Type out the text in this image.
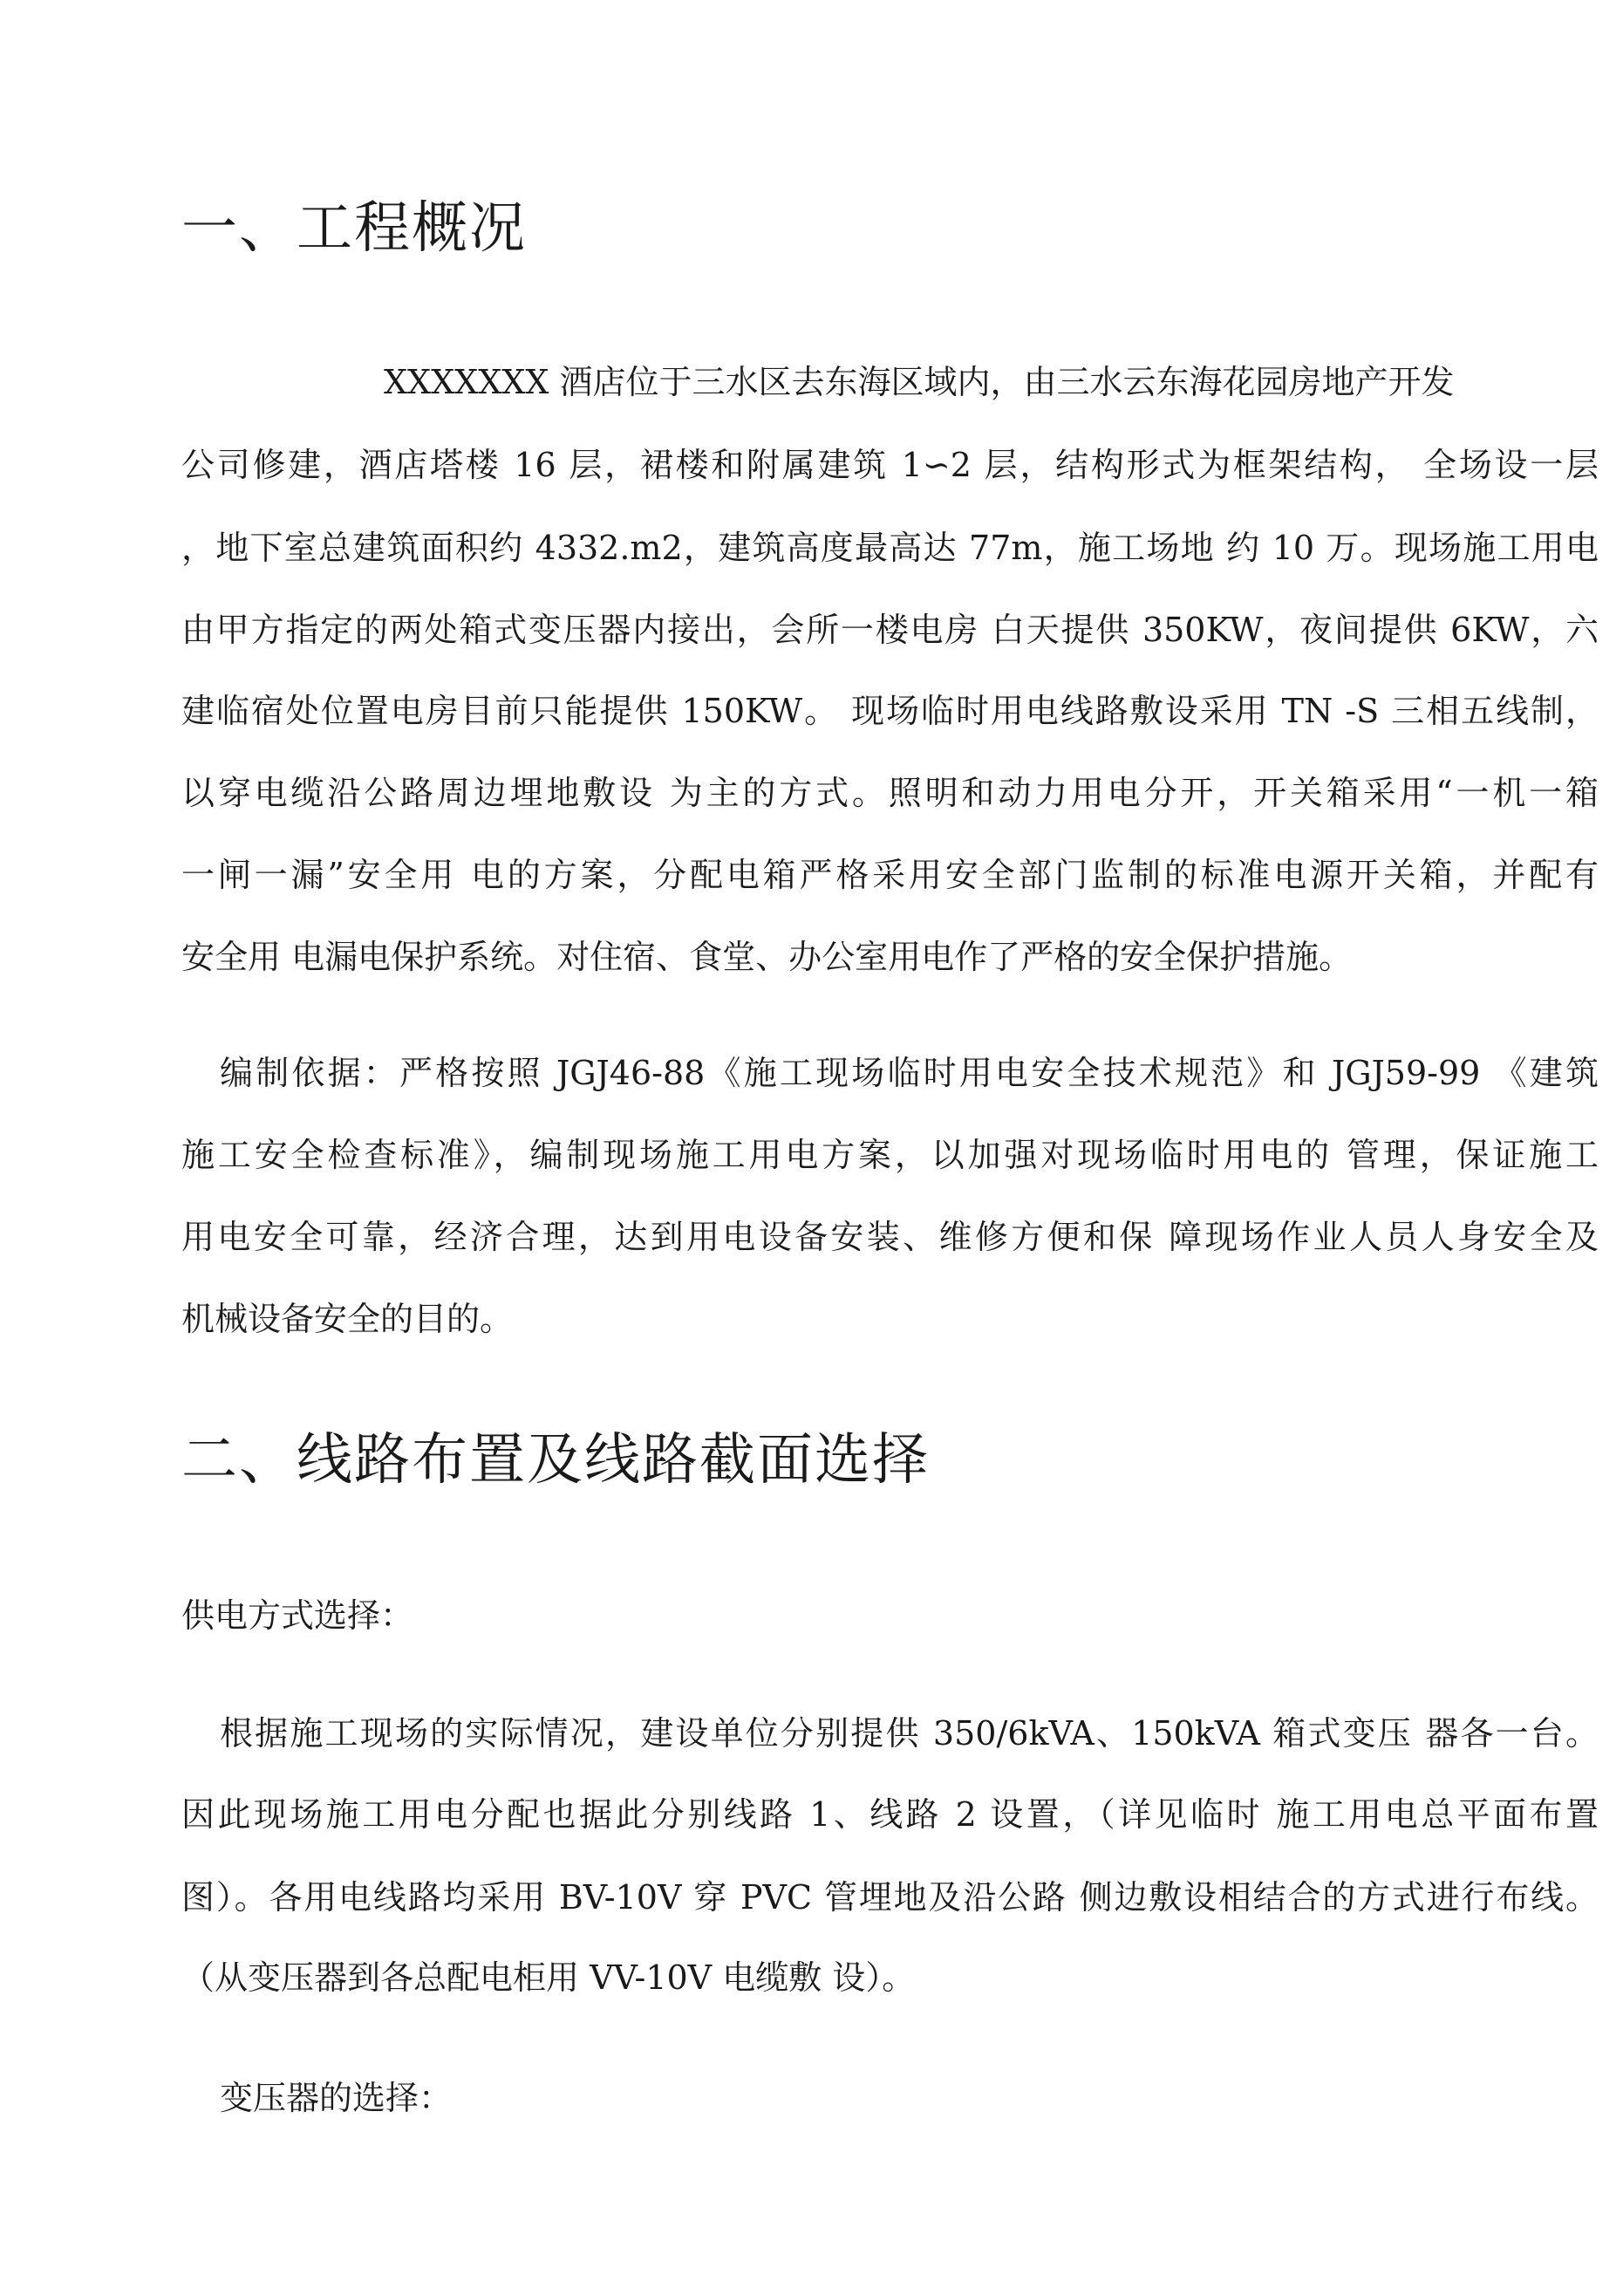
一、工程概况

XXXXXXX 酒店位于三水区去东海区域内，由三水云东海花园房地产开发

公司修建，酒店塔楼 16 层，裙楼和附属建筑 1∽2 层，结构形式为框架结构， 全场设一层

，地下室总建筑面积约 4332.m2，建筑高度最高达 77m，施工场地 约 10 万。现场施工用电

由甲方指定的两处箱式变压器内接出，会所一楼电房 白天提供 350KW，夜间提供 6KW，六

建临宿处位置电房目前只能提供 150KW。 现场临时用电线路敷设采用 TN -S 三相五线制，

以穿电缆沿公路周边埋地敷设 为主的方式。照明和动力用电分开，开关箱采用“一机一箱

一闸一漏”安全用 电的方案，分配电箱严格采用安全部门监制的标准电源开关箱，并配有

安全用 电漏电保护系统。对住宿、食堂、办公室用电作了严格的安全保护措施。

编制依据：严格按照 JGJ46-88《施工现场临时用电安全技术规范》和 JGJ59-99 《建筑

施工安全检查标准》，编制现场施工用电方案，以加强对现场临时用电的 管理，保证施工

用电安全可靠，经济合理，达到用电设备安装、维修方便和保 障现场作业人员人身安全及

机械设备安全的目的。

二、线路布置及线路截面选择

供电方式选择：

根据施工现场的实际情况，建设单位分别提供 350/6kVA、150kVA 箱式变压 器各一台。

因此现场施工用电分配也据此分别线路 1、线路 2 设置，（详见临时 施工用电总平面布置

图）。各用电线路均采用 BV-10V 穿 PVC 管埋地及沿公路 侧边敷设相结合的方式进行布线。

（从变压器到各总配电柜用 VV-10V 电缆敷 设）。

变压器的选择：
